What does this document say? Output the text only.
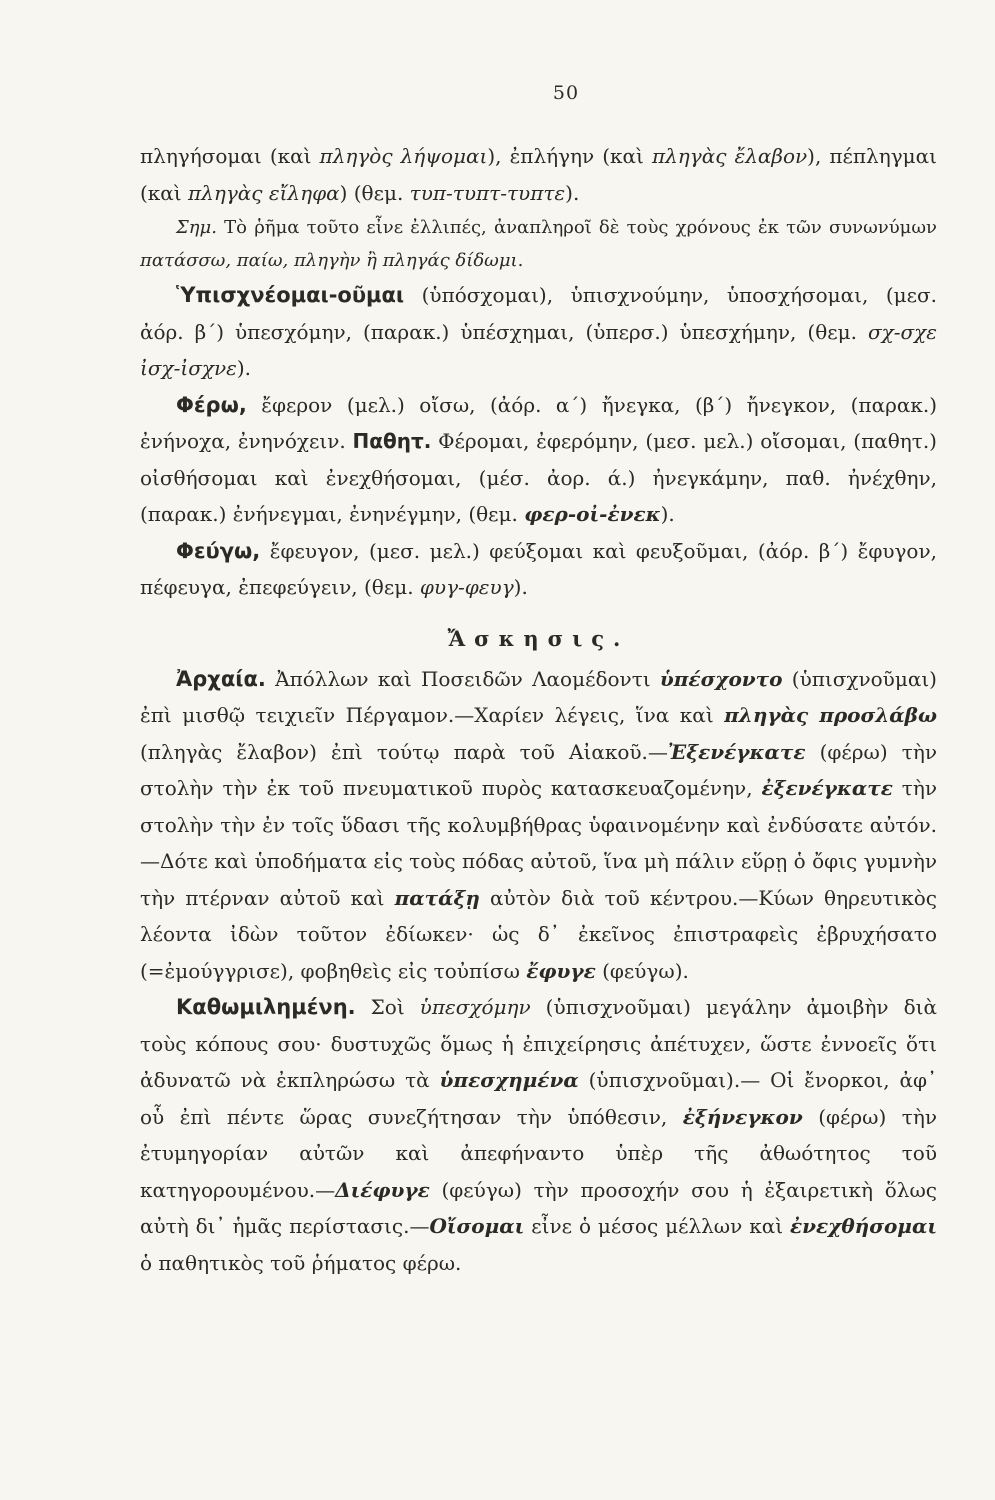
50

πληγήσομαι (καὶ πληγὸς λήψομαι), ἐπλήγην (καὶ πληγὰς ἔλαβον), πέπληγμαι (καὶ πληγὰς εἴληφα) (θεμ. τυπ-τυπτ-τυπτε).

Σημ. Τὸ ῥῆμα τοῦτο εἶνε ἐλλιπές, ἀναπληροῖ δὲ τοὺς χρόνους ἐκ τῶν συνωνύμων πατάσσω, παίω, πληγὴν ἢ πληγάς δίδωμι.

Ὑπισχνέομαι-οῦμαι (ὑπόσχομαι), ὑπισχνούμην, ὑποσχήσομαι, (μεσ. ἀόρ. β΄) ὑπεσχόμην, (παρακ.) ὑπέσχημαι, (ὑπερσ.) ὑπεσχήμην, (θεμ. σχ-σχε ἰσχ-ἰσχνε).

Φέρω, ἔφερον (μελ.) οἴσω, (ἀόρ. α΄) ἤνεγκα, (β΄) ἤνεγκον, (παρακ.) ἐνήνοχα, ἐνηνόχειν. Παθητ. Φέρομαι, ἐφερόμην, (μεσ. μελ.) οἴσομαι, (παθητ.) οἰσθήσομαι καὶ ἐνεχθήσομαι, (μέσ. ἀορ. ά.) ἠνεγκάμην, παθ. ἠνέχθην, (παρακ.) ἐνήνεγμαι, ἐνηνέγμην, (θεμ. φερ-οἰ-ἐνεκ).

Φεύγω, ἔφευγον, (μεσ. μελ.) φεύξομαι καὶ φευξοῦμαι, (ἀόρ. β΄) ἔφυγον, πέφευγα, ἐπεφεύγειν, (θεμ. φυγ-φευγ).

Ἄσκησις.

Ἀρχαία. Ἀπόλλων καὶ Ποσειδῶν Λαομέδοντι ὑπέσχοντο (ὑπισχνοῦμαι) ἐπὶ μισθῷ τειχιεῖν Πέργαμον.—Χαρίεν λέγεις, ἵνα καὶ πληγὰς προσλάβω (πληγὰς ἔλαβον) ἐπὶ τούτῳ παρὰ τοῦ Αἰακοῦ.—Ἐξενέγκατε (φέρω) τὴν στολὴν τὴν ἐκ τοῦ πνευματικοῦ πυρὸς κατασκευαζομένην, ἐξενέγκατε τὴν στολὴν τὴν ἐν τοῖς ὕδασι τῆς κολυμβήθρας ὑφαινομένην καὶ ἐνδύσατε αὐτόν.—Δότε καὶ ὑποδήματα εἰς τοὺς πόδας αὐτοῦ, ἵνα μὴ πάλιν εὕρῃ ὁ ὄφις γυμνὴν τὴν πτέρναν αὐτοῦ καὶ πατάξῃ αὐτὸν διὰ τοῦ κέντρου.—Κύων θηρευτικὸς λέοντα ἰδὼν τοῦτον ἐδίωκεν· ὡς δ᾽ ἐκεῖνος ἐπιστραφεὶς ἐβρυχήσατο (=ἐμούγγρισε), φοβηθεὶς εἰς τοὐπίσω ἔφυγε (φεύγω).

Καθωμιλημένη. Σοὶ ὑπεσχόμην (ὑπισχνοῦμαι) μεγάλην ἀμοιβὴν διὰ τοὺς κόπους σου· δυστυχῶς ὅμως ἡ ἐπιχείρησις ἀπέτυχεν, ὥστε ἐννοεῖς ὅτι ἀδυνατῶ νὰ ἐκπληρώσω τὰ ὑπεσχημένα (ὑπισχνοῦμαι).— Οἱ ἔνορκοι, ἀφ᾽ οὗ ἐπὶ πέντε ὥρας συνεζήτησαν τὴν ὑπόθεσιν, ἐξήνεγκον (φέρω) τὴν ἐτυμηγορίαν αὐτῶν καὶ ἀπεφήναντο ὑπὲρ τῆς ἀθωότητος τοῦ κατηγορουμένου.—Διέφυγε (φεύγω) τὴν προσοχήν σου ἡ ἐξαιρετικὴ ὅλως αὐτὴ δι᾽ ἡμᾶς περίστασις.—Οἴσομαι εἶνε ὁ μέσος μέλλων καὶ ἐνεχθήσομαι ὁ παθητικὸς τοῦ ῥήματος φέρω.
